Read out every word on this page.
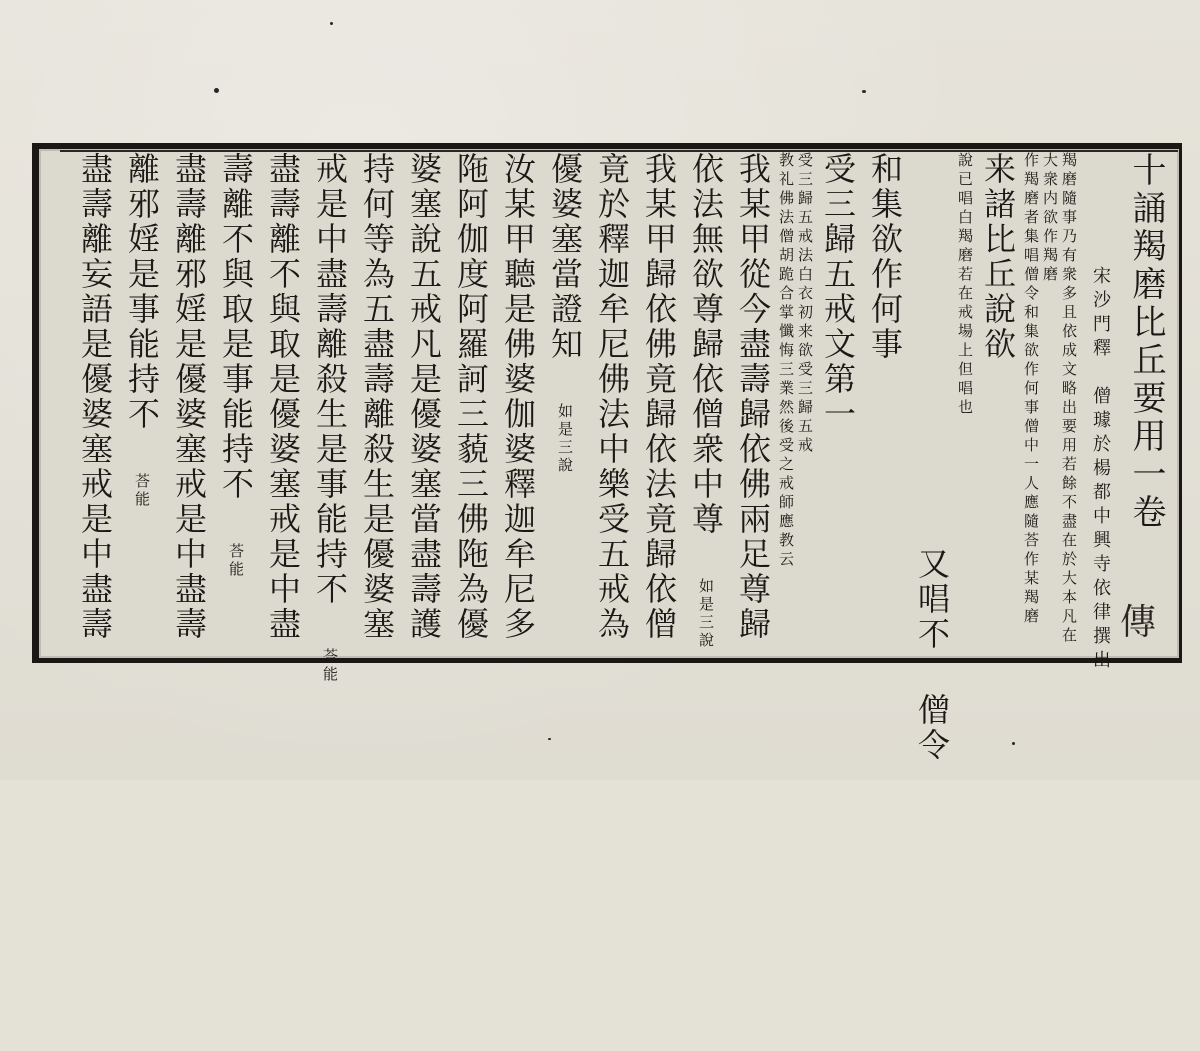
十誦羯磨比丘要用一卷
宋沙門釋　僧璩於楊都中興寺依律撰出
羯磨隨事乃有衆多且依成文略出要用若餘不盡在於大本凡在大衆内欲作羯磨
作羯磨者集唱僧令和集欲作何事僧中一人應隨荅作某羯磨
来諸比丘說欲
說已唱白羯磨若在戒場上但唱也
又唱不 僧令
和集欲作何事
受三歸五戒文第一
受三歸五戒法白衣初来欲受三歸五戒
教礼佛法僧胡跪合掌懺悔三業然後受之戒師應教云
我某甲從今盡壽歸依佛兩足尊歸
依法無欲尊歸依僧衆中尊 如是三說
我某甲歸依佛竟歸依法竟歸依僧
竟於釋迦牟尼佛法中樂受五戒為
優婆塞當證知 如是三說
汝某甲聽是佛婆伽婆釋迦牟尼多
陁阿伽度阿羅訶三藐三佛陁為優
婆塞說五戒凡是優婆塞當盡壽護
持何等為五盡壽離殺生是優婆塞
戒是中盡壽離殺生是事能持不 荅能
盡壽離不與取是優婆塞戒是中盡
壽離不與取是事能持不 荅能
盡壽離邪婬是優婆塞戒是中盡壽
離邪婬是事能持不 荅能
盡壽離妄語是優婆塞戒是中盡壽	傳
